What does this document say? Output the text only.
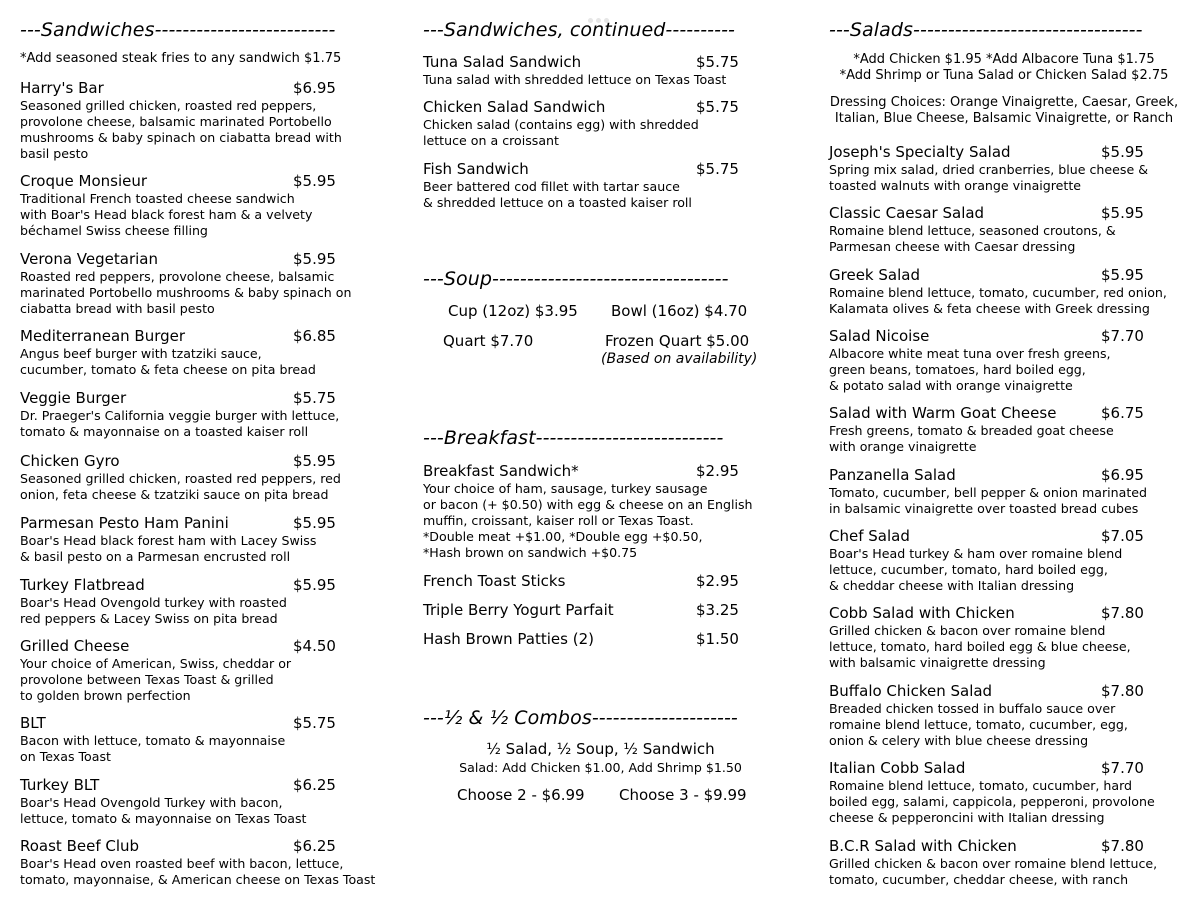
---Sandwiches--------------------------
*Add seasoned steak fries to any sandwich $1.75
Harry's Bar	$6.95
Seasoned grilled chicken, roasted red peppers,
provolone cheese, balsamic marinated Portobello
mushrooms & baby spinach on ciabatta bread with
basil pesto
Croque Monsieur	$5.95
Traditional French toasted cheese sandwich
with Boar's Head black forest ham & a velvety
béchamel Swiss cheese filling
Verona Vegetarian	$5.95
Roasted red peppers, provolone cheese, balsamic
marinated Portobello mushrooms & baby spinach on
ciabatta bread with basil pesto
Mediterranean Burger	$6.85
Angus beef burger with tzatziki sauce,
cucumber, tomato & feta cheese on pita bread
Veggie Burger	$5.75
Dr. Praeger's California veggie burger with lettuce,
tomato & mayonnaise on a toasted kaiser roll
Chicken Gyro	$5.95
Seasoned grilled chicken, roasted red peppers, red
onion, feta cheese & tzatziki sauce on pita bread
Parmesan Pesto Ham Panini	$5.95
Boar's Head black forest ham with Lacey Swiss
& basil pesto on a Parmesan encrusted roll
Turkey Flatbread	$5.95
Boar's Head Ovengold turkey with roasted
red peppers & Lacey Swiss on pita bread
Grilled Cheese	$4.50
Your choice of American, Swiss, cheddar or
provolone between Texas Toast & grilled
to golden brown perfection
BLT	$5.75
Bacon with lettuce, tomato & mayonnaise
on Texas Toast
Turkey BLT	$6.25
Boar's Head Ovengold Turkey with bacon,
lettuce, tomato & mayonnaise on Texas Toast
Roast Beef Club	$6.25
Boar's Head oven roasted beef with bacon, lettuce,
tomato, mayonnaise, & American cheese on Texas Toast
---Sandwiches, continued----------
Tuna Salad Sandwich	$5.75
Tuna salad with shredded lettuce on Texas Toast
Chicken Salad Sandwich	$5.75
Chicken salad (contains egg) with shredded
lettuce on a croissant
Fish Sandwich	$5.75
Beer battered cod fillet with tartar sauce
& shredded lettuce on a toasted kaiser roll
---Soup----------------------------------
Cup (12oz) $3.95 Bowl (16oz) $4.70
Quart $7.70	Frozen Quart $5.00
(Based on availability)
---Breakfast---------------------------
Breakfast Sandwich*	$2.95
Your choice of ham, sausage, turkey sausage
or bacon (+ $0.50) with egg & cheese on an English
muffin, croissant, kaiser roll or Texas Toast.
*Double meat +$1.00, *Double egg +$0.50,
*Hash brown on sandwich +$0.75
French Toast Sticks	$2.95
Triple Berry Yogurt Parfait	$3.25
Hash Brown Patties (2)	$1.50
---½ & ½ Combos---------------------
½ Salad, ½ Soup, ½ Sandwich
Salad: Add Chicken $1.00, Add Shrimp $1.50
Choose 2 - $6.99 Choose 3 - $9.99
---Salads---------------------------------
*Add Chicken $1.95 *Add Albacore Tuna $1.75
*Add Shrimp or Tuna Salad or Chicken Salad $2.75
Dressing Choices: Orange Vinaigrette, Caesar, Greek,
Italian, Blue Cheese, Balsamic Vinaigrette, or Ranch
Joseph's Specialty Salad	$5.95
Spring mix salad, dried cranberries, blue cheese &
toasted walnuts with orange vinaigrette
Classic Caesar Salad	$5.95
Romaine blend lettuce, seasoned croutons, &
Parmesan cheese with Caesar dressing
Greek Salad	$5.95
Romaine blend lettuce, tomato, cucumber, red onion,
Kalamata olives & feta cheese with Greek dressing
Salad Nicoise	$7.70
Albacore white meat tuna over fresh greens,
green beans, tomatoes, hard boiled egg,
& potato salad with orange vinaigrette
Salad with Warm Goat Cheese	$6.75
Fresh greens, tomato & breaded goat cheese
with orange vinaigrette
Panzanella Salad	$6.95
Tomato, cucumber, bell pepper & onion marinated
in balsamic vinaigrette over toasted bread cubes
Chef Salad	$7.05
Boar's Head turkey & ham over romaine blend
lettuce, cucumber, tomato, hard boiled egg,
& cheddar cheese with Italian dressing
Cobb Salad with Chicken	$7.80
Grilled chicken & bacon over romaine blend
lettuce, tomato, hard boiled egg & blue cheese,
with balsamic vinaigrette dressing
Buffalo Chicken Salad	$7.80
Breaded chicken tossed in buffalo sauce over
romaine blend lettuce, tomato, cucumber, egg,
onion & celery with blue cheese dressing
Italian Cobb Salad	$7.70
Romaine blend lettuce, tomato, cucumber, hard
boiled egg, salami, cappicola, pepperoni, provolone
cheese & pepperoncini with Italian dressing
B.C.R Salad with Chicken	$7.80
Grilled chicken & bacon over romaine blend lettuce,
tomato, cucumber, cheddar cheese, with ranch
